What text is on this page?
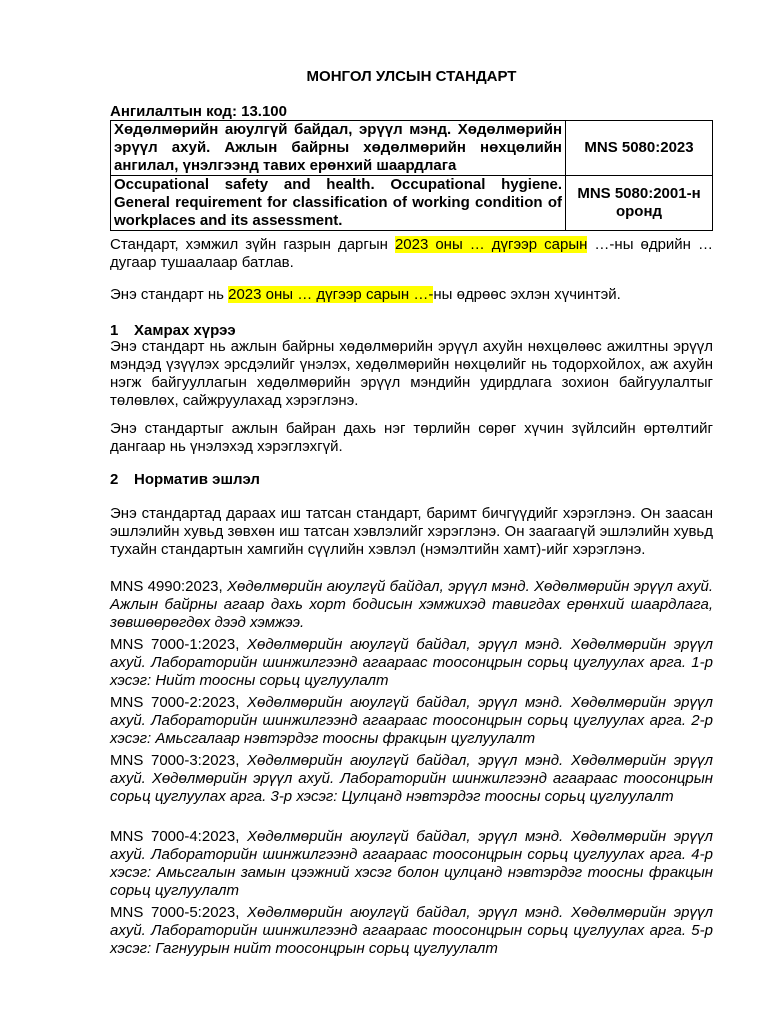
МОНГОЛ УЛСЫН СТАНДАРТ
Ангилалтын код: 13.100
Хөдөлмөрийн аюулгүй байдал, эрүүл мэнд. Хөдөлмөрийн эрүүл ахуй. Ажлын байрны хөдөлмөрийн нөхцөлийн ангилал, үнэлгээнд тавих ерөнхий шаардлага	MNS 5080:2023
Occupational safety and health. Occupational hygiene. General requirement for classification of working condition of workplaces and its assessment.	MNS 5080:2001-н оронд
Стандарт, хэмжил зүйн газрын даргын 2023 оны … дүгээр сарын …-ны өдрийн … дугаар тушаалаар батлав.
Энэ стандарт нь 2023 оны … дүгээр сарын …-ны өдрөөс эхлэн хүчинтэй.
1 Хамрах хүрээ
Энэ стандарт нь ажлын байрны хөдөлмөрийн эрүүл ахуйн нөхцөлөөс ажилтны эрүүл мэндэд үзүүлэх эрсдэлийг үнэлэх, хөдөлмөрийн нөхцөлийг нь тодорхойлох, аж ахуйн нэгж байгууллагын хөдөлмөрийн эрүүл мэндийн удирдлага зохион байгуулалтыг төлөвлөх, сайжруулахад хэрэглэнэ.
Энэ стандартыг ажлын байран дахь нэг төрлийн сөрөг хүчин зүйлсийн өртөлтийг дангаар нь үнэлэхэд хэрэглэхгүй.
2 Норматив эшлэл
Энэ стандартад дараах иш татсан стандарт, баримт бичгүүдийг хэрэглэнэ. Он заасан эшлэлийн хувьд зөвхөн иш татсан хэвлэлийг хэрэглэнэ. Он заагаагүй эшлэлийн хувьд тухайн стандартын хамгийн сүүлийн хэвлэл (нэмэлтийн хамт)-ийг хэрэглэнэ.
MNS 4990:2023, Хөдөлмөрийн аюулгүй байдал, эрүүл мэнд. Хөдөлмөрийн эрүүл ахуй. Ажлын байрны агаар дахь хорт бодисын хэмжихэд тавигдах ерөнхий шаардлага, зөвшөөрөгдөх дээд хэмжээ.
MNS 7000-1:2023, Хөдөлмөрийн аюулгүй байдал, эрүүл мэнд. Хөдөлмөрийн эрүүл ахуй. Лабораторийн шинжилгээнд агаараас тоосонцрын сорьц цуглуулах арга. 1-р хэсэг: Нийт тоосны сорьц цуглуулалт
MNS 7000-2:2023, Хөдөлмөрийн аюулгүй байдал, эрүүл мэнд. Хөдөлмөрийн эрүүл ахуй. Лабораторийн шинжилгээнд агаараас тоосонцрын сорьц цуглуулах арга. 2-р хэсэг: Амьсгалаар нэвтэрдэг тоосны фракцын цуглуулалт
MNS 7000-3:2023, Хөдөлмөрийн аюулгүй байдал, эрүүл мэнд. Хөдөлмөрийн эрүүл ахуй. Хөдөлмөрийн эрүүл ахуй. Лабораторийн шинжилгээнд агаараас тоосонцрын сорьц цуглуулах арга. 3-р хэсэг: Цулцанд нэвтэрдэг тоосны сорьц цуглуулалт
MNS 7000-4:2023, Хөдөлмөрийн аюулгүй байдал, эрүүл мэнд. Хөдөлмөрийн эрүүл ахуй. Лабораторийн шинжилгээнд агаараас тоосонцрын сорьц цуглуулах арга. 4-р хэсэг: Амьсгалын замын цээжний хэсэг болон цулцанд нэвтэрдэг тоосны фракцын сорьц цуглуулалт
MNS 7000-5:2023, Хөдөлмөрийн аюулгүй байдал, эрүүл мэнд. Хөдөлмөрийн эрүүл ахуй. Лабораторийн шинжилгээнд агаараас тоосонцрын сорьц цуглуулах арга. 5-р хэсэг: Гагнуурын нийт тоосонцрын сорьц цуглуулалт
